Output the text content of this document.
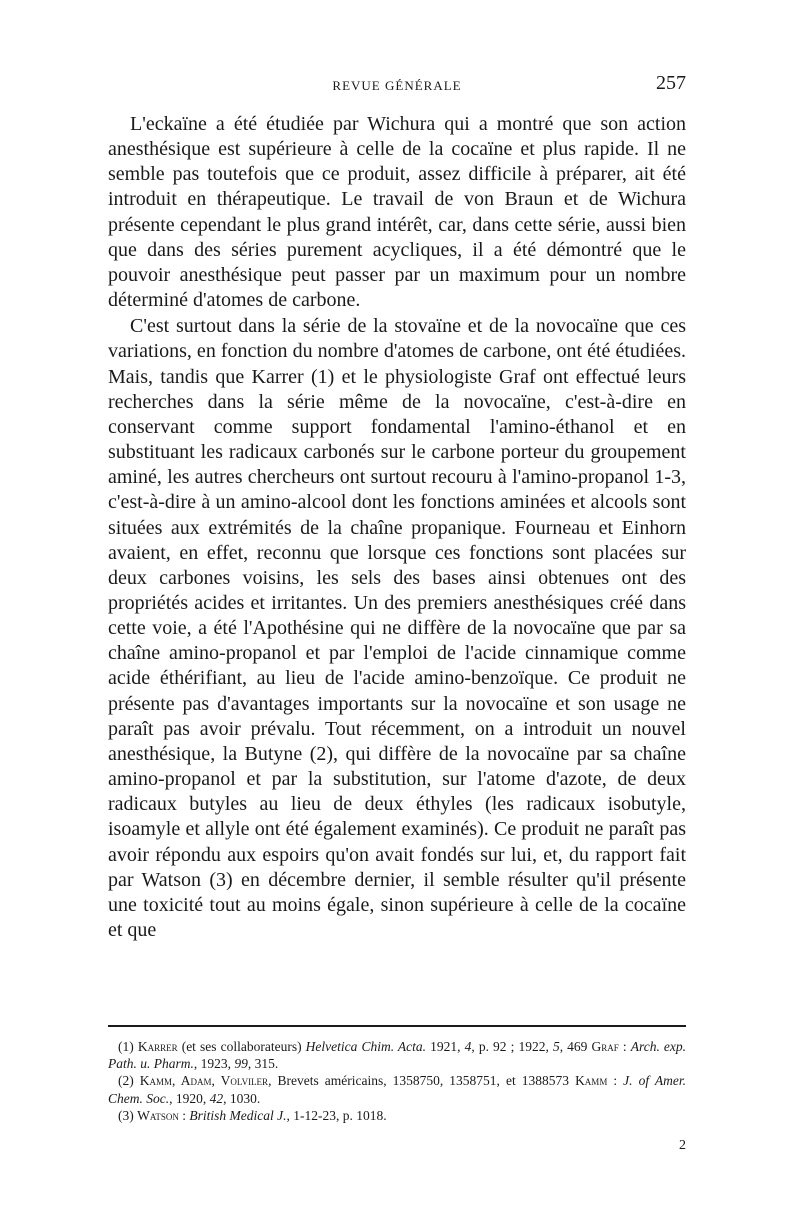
REVUE GÉNÉRALE	257

L'eckaïne a été étudiée par Wichura qui a montré que son action anesthésique est supérieure à celle de la cocaïne et plus rapide. Il ne semble pas toutefois que ce produit, assez difficile à préparer, ait été introduit en thérapeutique. Le travail de von Braun et de Wichura présente cependant le plus grand intérêt, car, dans cette série, aussi bien que dans des séries purement acycliques, il a été démontré que le pouvoir anesthésique peut passer par un maximum pour un nombre déterminé d'atomes de carbone.

C'est surtout dans la série de la stovaïne et de la novocaïne que ces variations, en fonction du nombre d'atomes de carbone, ont été étudiées. Mais, tandis que Karrer (1) et le physiologiste Graf ont effectué leurs recherches dans la série même de la novocaïne, c'est-à-dire en conservant comme support fondamental l'amino-éthanol et en substituant les radicaux carbonés sur le carbone porteur du groupement aminé, les autres chercheurs ont surtout recouru à l'amino-propanol 1-3, c'est-à-dire à un amino-alcool dont les fonctions aminées et alcools sont situées aux extrémités de la chaîne propanique. Fourneau et Einhorn avaient, en effet, reconnu que lorsque ces fonctions sont placées sur deux carbones voisins, les sels des bases ainsi obtenues ont des propriétés acides et irritantes. Un des premiers anesthésiques créé dans cette voie, a été l'Apothésine qui ne diffère de la novocaïne que par sa chaîne amino-propanol et par l'emploi de l'acide cinnamique comme acide éthérifiant, au lieu de l'acide amino-benzoïque. Ce produit ne présente pas d'avantages importants sur la novocaïne et son usage ne paraît pas avoir prévalu. Tout récemment, on a introduit un nouvel anesthésique, la Butyne (2), qui diffère de la novocaïne par sa chaîne amino-propanol et par la substitution, sur l'atome d'azote, de deux radicaux butyles au lieu de deux éthyles (les radicaux isobutyle, isoamyle et allyle ont été également examinés). Ce produit ne paraît pas avoir répondu aux espoirs qu'on avait fondés sur lui, et, du rapport fait par Watson (3) en décembre dernier, il semble résulter qu'il présente une toxicité tout au moins égale, sinon supérieure à celle de la cocaïne et que

(1) Karrer (et ses collaborateurs) Helvetica Chim. Acta. 1921, 4, p. 92 ; 1922, 5, 469 Graf : Arch. exp. Path. u. Pharm., 1923, 99, 315.

(2) Kamm, Adam, Volviler, Brevets américains, 1358750, 1358751, et 1388573 Kamm : J. of Amer. Chem. Soc., 1920, 42, 1030.

(3) Watson : British Medical J., 1-12-23, p. 1018.

2
